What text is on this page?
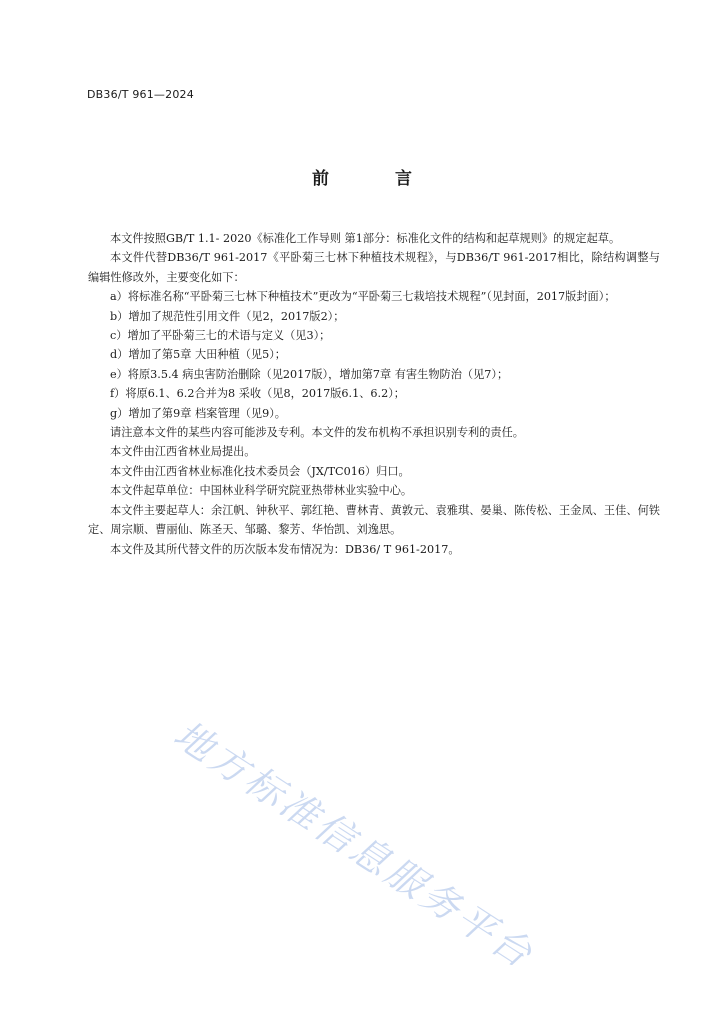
DB36/T 961—2024
前 言

本文件按照GB/T 1.1- 2020《标准化工作导则 第1部分：标准化文件的结构和起草规则》的规定起草。

本文件代替DB36/T 961-2017《平卧菊三七林下种植技术规程》，与DB36/T 961-2017相比，除结构调整与编辑性修改外，主要变化如下：

a）将标准名称“平卧菊三七林下种植技术”更改为“平卧菊三七栽培技术规程”（见封面，2017版封面）；

b）增加了规范性引用文件（见2，2017版2）；

c）增加了平卧菊三七的术语与定义（见3）；

d）增加了第5章 大田种植（见5）；

e）将原3.5.4 病虫害防治删除（见2017版），增加第7章 有害生物防治（见7）；

f）将原6.1、6.2合并为8 采收（见8，2017版6.1、6.2）；

g）增加了第9章 档案管理（见9）。

请注意本文件的某些内容可能涉及专利。本文件的发布机构不承担识别专利的责任。

本文件由江西省林业局提出。

本文件由江西省林业标准化技术委员会（JX/TC016）归口。

本文件起草单位：中国林业科学研究院亚热带林业实验中心。

本文件主要起草人：余江帆、钟秋平、郭红艳、曹林青、黄敦元、袁雅琪、晏巢、陈传松、王金凤、王佳、何铁定、周宗顺、曹丽仙、陈圣天、邹璐、黎芳、华怡凯、刘逸思。

本文件及其所代替文件的历次版本发布情况为：DB36/ T 961-2017。

地方标准信息服务平台
